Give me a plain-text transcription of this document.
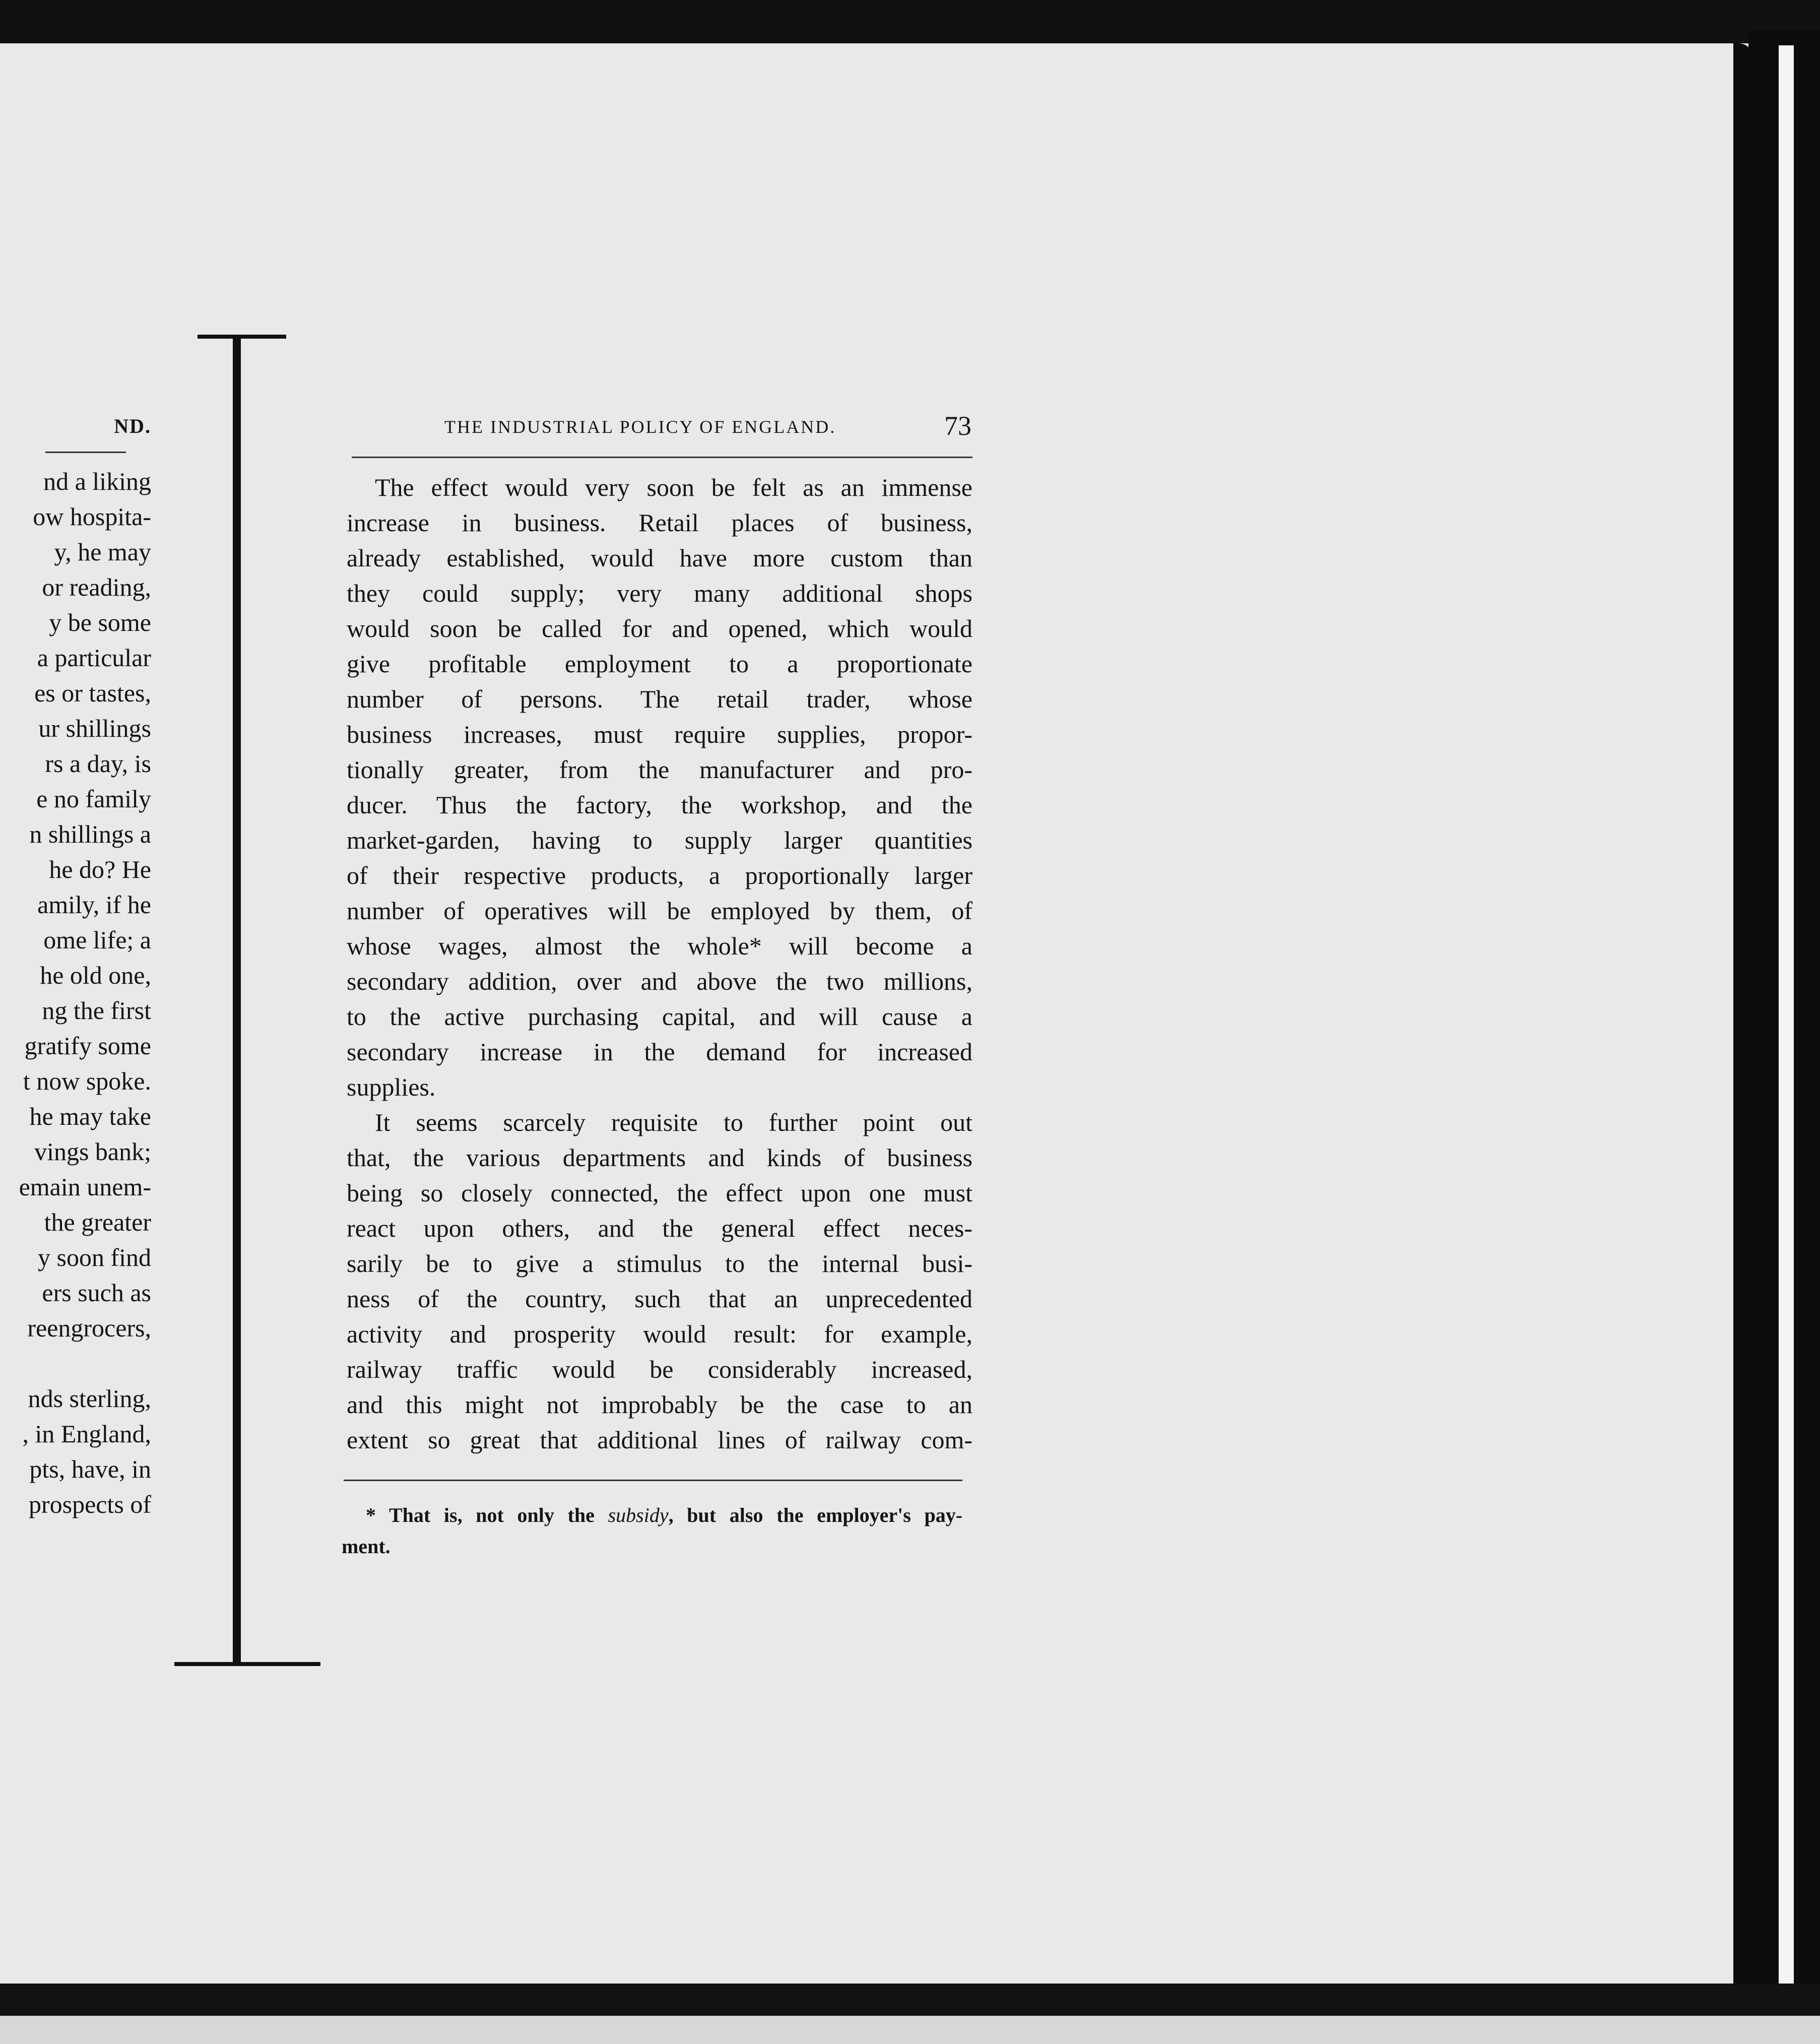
ND.
nd a liking
ow hospita-
y, he may
or reading,
y be some
a particular
es or tastes,
ur shillings
rs a day, is
e no family
n shillings a
he do? He
amily, if he
ome life; a
he old one,
ng the first
gratify some
t now spoke.
he may take
vings bank;
emain unem-
the greater
y soon find
ers such as
reengrocers,
nds sterling,
, in England,
pts, have, in
prospects of
THE INDUSTRIAL POLICY OF ENGLAND.	73
The effect would very soon be felt as an immense
increase in business. Retail places of business,
already established, would have more custom than
they could supply; very many additional shops
would soon be called for and opened, which would
give profitable employment to a proportionate
number of persons. The retail trader, whose
business increases, must require supplies, propor-
tionally greater, from the manufacturer and pro-
ducer. Thus the factory, the workshop, and the
market-garden, having to supply larger quantities
of their respective products, a proportionally larger
number of operatives will be employed by them, of
whose wages, almost the whole* will become a
secondary addition, over and above the two millions,
to the active purchasing capital, and will cause a
secondary increase in the demand for increased
supplies.
It seems scarcely requisite to further point out
that, the various departments and kinds of business
being so closely connected, the effect upon one must
react upon others, and the general effect neces-
sarily be to give a stimulus to the internal busi-
ness of the country, such that an unprecedented
activity and prosperity would result: for example,
railway traffic would be considerably increased,
and this might not improbably be the case to an
extent so great that additional lines of railway com-
* That is, not only the subsidy, but also the employer's pay-
ment.
